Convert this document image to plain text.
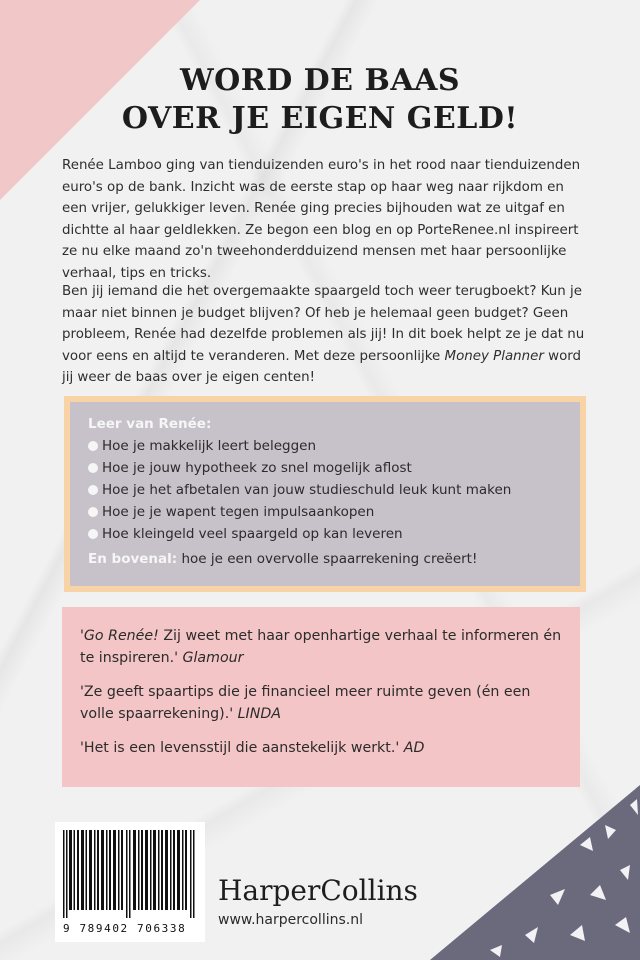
WORD DE BAAS
OVER JE EIGEN GELD!
Renée Lamboo ging van tienduizenden euro's in het rood naar tienduizenden euro's op de bank. Inzicht was de eerste stap op haar weg naar rijkdom en een vrijer, gelukkiger leven. Renée ging precies bijhouden wat ze uitgaf en dichtte al haar geldlekken. Ze begon een blog en op PorteRenee.nl inspireert ze nu elke maand zo'n tweehonderdduizend mensen met haar persoonlijke verhaal, tips en tricks.
Ben jij iemand die het overgemaakte spaargeld toch weer terugboekt? Kun je maar niet binnen je budget blijven? Of heb je helemaal geen budget? Geen probleem, Renée had dezelfde problemen als jij! In dit boek helpt ze je dat nu voor eens en altijd te veranderen. Met deze persoonlijke Money Planner word jij weer de baas over je eigen centen!
Leer van Renée:
Hoe je makkelijk leert beleggen
Hoe je jouw hypotheek zo snel mogelijk aflost
Hoe je het afbetalen van jouw studieschuld leuk kunt maken
Hoe je je wapent tegen impulsaankopen
Hoe kleingeld veel spaargeld op kan leveren
En bovenal: hoe je een overvolle spaarrekening creëert!
'Go Renée! Zij weet met haar openhartige verhaal te informeren én te inspireren.' Glamour
'Ze geeft spaartips die je financieel meer ruimte geven (én een volle spaarrekening).' LINDA
'Het is een levensstijl die aanstekelijk werkt.' AD
9 789402 706338
HarperCollins
www.harpercollins.nl
